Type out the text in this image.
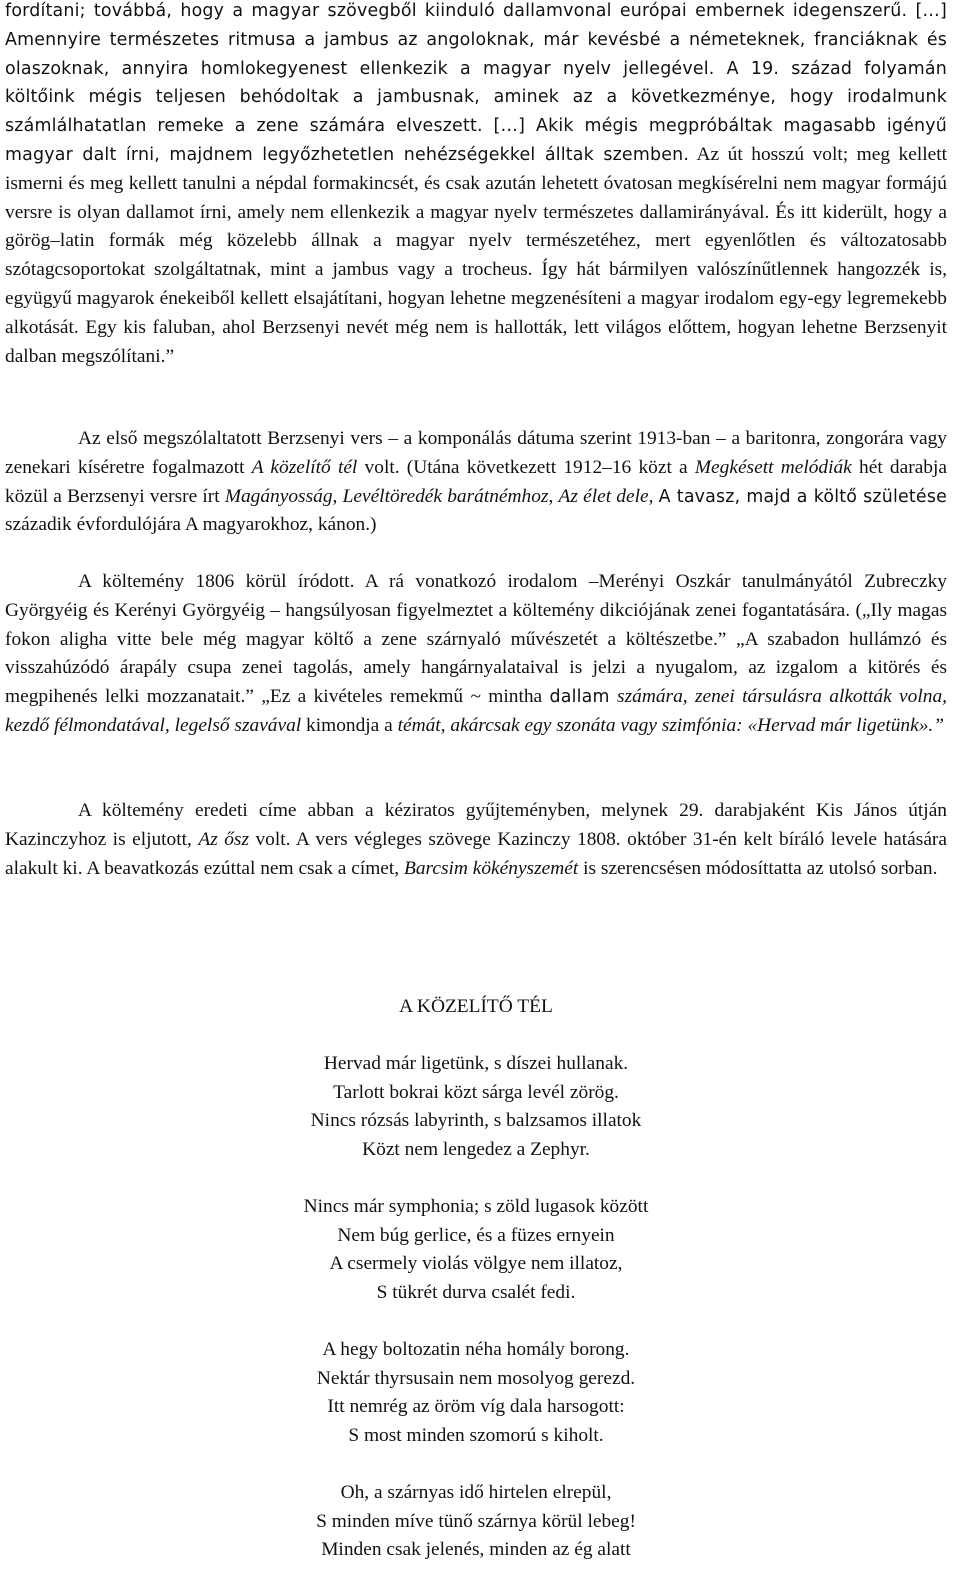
fordítani; továbbá, hogy a magyar szövegből kiinduló dallamvonal európai embernek idegenszerű. […] Amennyire természetes ritmusa a jambus az angoloknak, már kevésbé a németeknek, franciáknak és olaszoknak, annyira homlokegyenest ellenkezik a magyar nyelv jellegével. A 19. század folyamán költőink mégis teljesen behódoltak a jambusnak, aminek az a következménye, hogy irodalmunk számlálhatatlan remeke a zene számára elveszett. […] Akik mégis megpróbáltak magasabb igényű magyar dalt írni, majdnem legyőzhetetlen nehézségekkel álltak szemben. Az út hosszú volt; meg kellett ismerni és meg kellett tanulni a népdal formakincsét, és csak azután lehetett óvatosan megkísérelni nem magyar formájú versre is olyan dallamot írni, amely nem ellenkezik a magyar nyelv természetes dallamirányával. És itt kiderült, hogy a görög–latin formák még közelebb állnak a magyar nyelv természetéhez, mert egyenlőtlen és változatosabb szótagcsoportokat szolgáltatnak, mint a jambus vagy a trocheus. Így hát bármilyen valószínűtlennek hangozzék is, együgyű magyarok énekeiből kellett elsajátítani, hogyan lehetne megzenésíteni a magyar irodalom egy-egy legremekebb alkotását. Egy kis faluban, ahol Berzsenyi nevét még nem is hallották, lett világos előttem, hogyan lehetne Berzsenyit dalban megszólítani.”

Az első megszólaltatott Berzsenyi vers – a komponálás dátuma szerint 1913-ban – a baritonra, zongorára vagy zenekari kíséretre fogalmazott A közelítő tél volt. (Utána következett 1912–16 közt a Megkésett melódiák hét darabja közül a Berzsenyi versre írt Magányosság, Levéltöredék barátnémhoz, Az élet dele, A tavasz, majd a költő születése századik évfordulójára A magyarokhoz, kánon.)

A költemény 1806 körül íródott. A rá vonatkozó irodalom –Merényi Oszkár tanulmányától Zubreczky Györgyéig és Kerényi Györgyéig – hangsúlyosan figyelmeztet a költemény dikciójának zenei fogantatására. („Ily magas fokon aligha vitte bele még magyar költő a zene szárnyaló művészetét a költészetbe.” „A szabadon hullámzó és visszahúzódó árapály csupa zenei tagolás, amely hangárnyalataival is jelzi a nyugalom, az izgalom a kitörés és megpihenés lelki mozzanatait.” „Ez a kivételes remekmű ~ mintha dallam számára, zenei társulásra alkották volna, kezdő félmondatával, legelső szavával kimondja a témát, akárcsak egy szonáta vagy szimfónia: «Hervad már ligetünk».”

A költemény eredeti címe abban a kéziratos gyűjteményben, melynek 29. darabjaként Kis János útján Kazinczyhoz is eljutott, Az ősz volt. A vers végleges szövege Kazinczy 1808. október 31-én kelt bíráló levele hatására alakult ki. A beavatkozás ezúttal nem csak a címet, Barcsim kökényszemét is szerencsésen módosíttatta az utolsó sorban.

A KÖZELÍTŐ TÉL
Hervad már ligetünk, s díszei hullanak.
Tarlott bokrai közt sárga levél zörög.
Nincs rózsás labyrinth, s balzsamos illatok
Közt nem lengedez a Zephyr.
Nincs már symphonia; s zöld lugasok között
Nem búg gerlice, és a füzes ernyein
A csermely violás völgye nem illatoz,
S tükrét durva csalét fedi.
A hegy boltozatin néha homály borong.
Nektár thyrsusain nem mosolyog gerezd.
Itt nemrég az öröm víg dala harsogott:
S most minden szomorú s kiholt.
Oh, a szárnyas idő hirtelen elrepül,
S minden míve tünő szárnya körül lebeg!
Minden csak jelenés, minden az ég alatt
